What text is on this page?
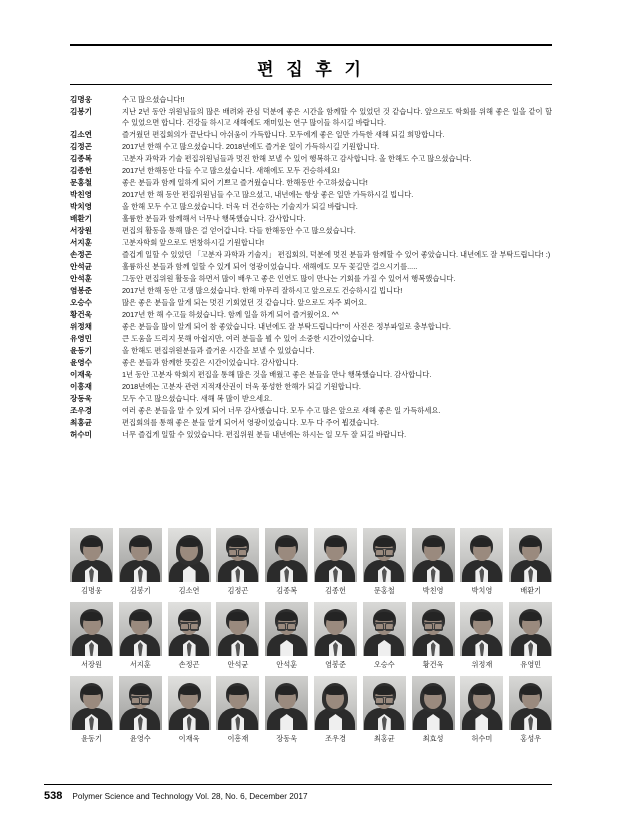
편 집 후 기
김명웅	수고 많으셨습니다!!
김봉기	지난 2년 동안 위원님들의 많은 배려와 관심 덕분에 좋은 시간을 함께할 수 있었던 것 같습니다. 앞으로도 학회를 위해 좋은 일을 같이 할 수 있었으면 합니다. 건강들 하시고 새해에도 재미있는 연구 많이들 하시길 바랍니다.
김소연	즐거웠던 편집회의가 끝난다니 아쉬움이 가득합니다. 모두에게 좋은 일만 가득한 새해 되길 희망합니다.
김정곤	2017년 한해 수고 많으셨습니다. 2018년에도 즐거운 일이 가득하시길 기원합니다.
김종복	고분자 과학과 기술 편집위원님들과 멋진 한해 보낼 수 있어 행복하고 감사합니다. 올 한해도 수고 많으셨습니다.
김종헌	2017년 한해동안 다들 수고 많으셨습니다. 새해에도 모두 건승하세요!
문홍철	좋은 분들과 함께 일하게 되어 기쁘고 즐거웠습니다. 한해동안 수고하셨습니다!
박친영	2017년 한 해 동안 편집위원님들 수고 많으셨고, 내년에는 항상 좋은 일만 가득하시길 빕니다.
박치영	올 한해 모두 수고 많으셨습니다. 더욱 더 건승하는 기술지가 되길 바랍니다.
배환기	훌륭한 분들과 함께해서 너무나 행복했습니다. 감사합니다.
서장원	편집의 활동을 통해 많은 걸 얻어갑니다. 다들 한해동안 수고 많으셨습니다.
서지훈	고분자학회 앞으로도 번창하시길 기원합니다!
손정곤	즐겁게 일할 수 있었던 「고분자 과학과 기술지」 편집회의, 덕분에 멋진 분들과 함께할 수 있어 좋았습니다. 내년에도 잘 부탁드립니다! :)
안석균	훌륭하신 분들과 함께 일할 수 있게 되어 영광이었습니다. 새해에도 모두 꽃길만 걸으시기를.....
안석훈	그동안 편집위원 활동을 하면서 많이 배우고 좋은 인연도 많이 만나는 기회를 가질 수 있어서 행복했습니다.
염봉준	2017년 한해 동안 고생 많으셨습니다. 한해 마무리 잘하시고 앞으로도 건승하시길 빕니다!
오승수	많은 좋은 분들을 알게 되는 멋진 기회였던 것 같습니다. 앞으로도 자주 뵈어요.
황건욱	2017년 한 해 수고들 하셨습니다. 함께 일을 하게 되어 즐거웠어요. ^^
위정채	좋은 분들을 많이 알게 되어 참 좋았습니다. 내년에도 잘 부탁드립니다!”이 사진은 정부파일로 충부합니다.
유영민	큰 도움을 드리지 못해 아쉽지만, 여러 분들을 뵐 수 있어 소중한 시간이었습니다.
윤동기	올 한해도 편집위원분들과 즐거운 시간을 보낼 수 있었습니다.
윤영수	좋은 분들과 함께한 뜻깊은 시간이었습니다. 감사합니다.
이재욱	1년 동안 고분자 학회지 편집을 통해 많은 것을 배웠고 좋은 분들을 만나 행복했습니다. 감사합니다.
이흥재	2018년에는 고분자 관련 지적재산권이 더욱 풍성한 한해가 되길 기원합니다.
장동욱	모두 수고 많으셨습니다. 새해 복 많이 받으세요.
조우경	여러 좋은 분들을 알 수 있게 되어 너무 감사했습니다. 모두 수고 많은 앞으로 새해 좋은 일 가득하세요.
최홍균	편집회의를 통해 좋은 분들 알게 되어서 영광이었습니다. 모두 다 주어 뵙겠습니다.
허수미	너무 즐겁게 일할 수 있었습니다. 편집위원 분들 내년에는 하시는 일 모두 잘 되길 바랍니다.
김명웅	김봉기	김소연	김정곤	김종복	김종헌	문홍철	박친영	박치영	배환기
서장원	서지훈	손정곤	안석균	안석훈	염봉준	오승수	황건욱	위정재	유영민
윤동기	윤영수	이재욱	이흥재	장동욱	조우경	최홍균	최효성	허수미	홍성우
538 Polymer Science and Technology Vol. 28, No. 6, December 2017
